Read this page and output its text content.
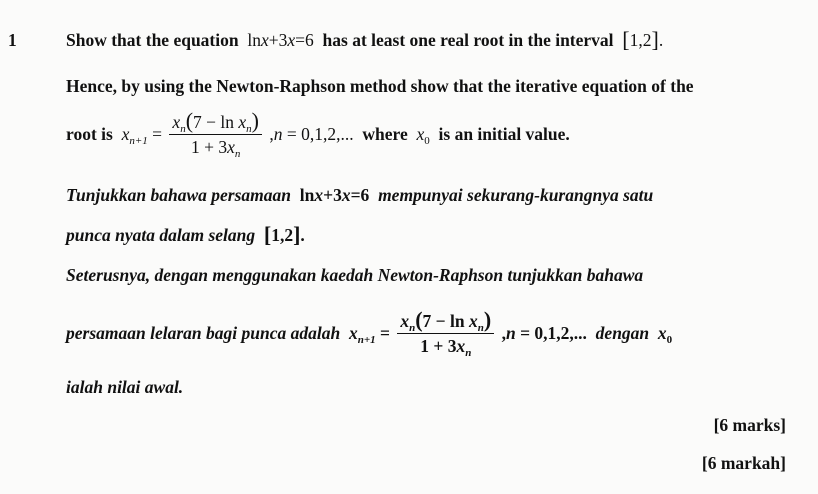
1	Show that the equation  lnx+3x=6  has at least one real root in the interval [1,2].
Hence, by using the Newton-Raphson method show that the iterative equation of the
root is $x_{n+1} = \frac{x_n(7 - \ln x_n)}{1 + 3x_n} ,n = 0,1,2$,...  where $x_0$ is an initial value.
Tunjukkan bahawa persamaan  lnx+3x=6  mempunyai sekurang-kurangnya satu
punca nyata dalam selang [1,2].
Seterusnya, dengan menggunakan kaedah Newton-Raphson tunjukkan bahawa
persamaan lelaran bagi punca adalah $x_{n+1} = \frac{x_n(7 - \ln x_n)}{1 + 3x_n} ,n = 0,1,2$,...  dengan $x_0$
ialah nilai awal.
[6 marks]
[6 markah]
